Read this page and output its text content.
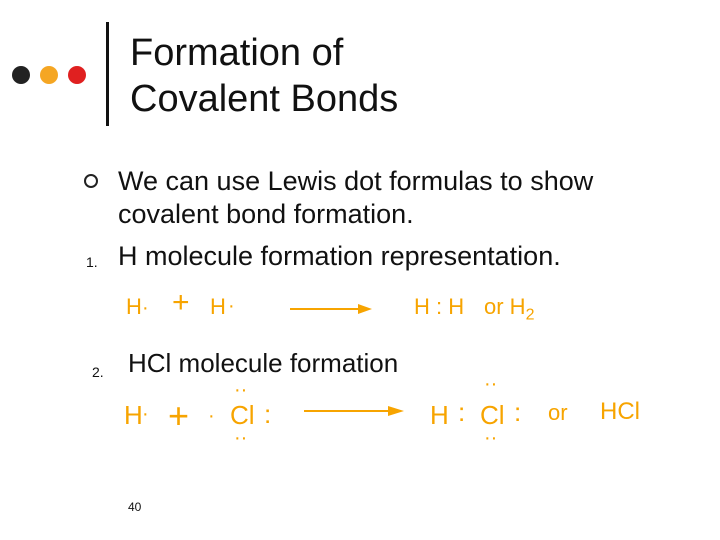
Formation of
Covalent Bonds
We can use Lewis dot formulas to show
covalent bond formation.
1. H molecule formation representation.
H · + H ·	H : H or $H_2$
2. HCl molecule formation
H · + ·
··
Cl :
··
H :
··
Cl :
··
or HCl
40
